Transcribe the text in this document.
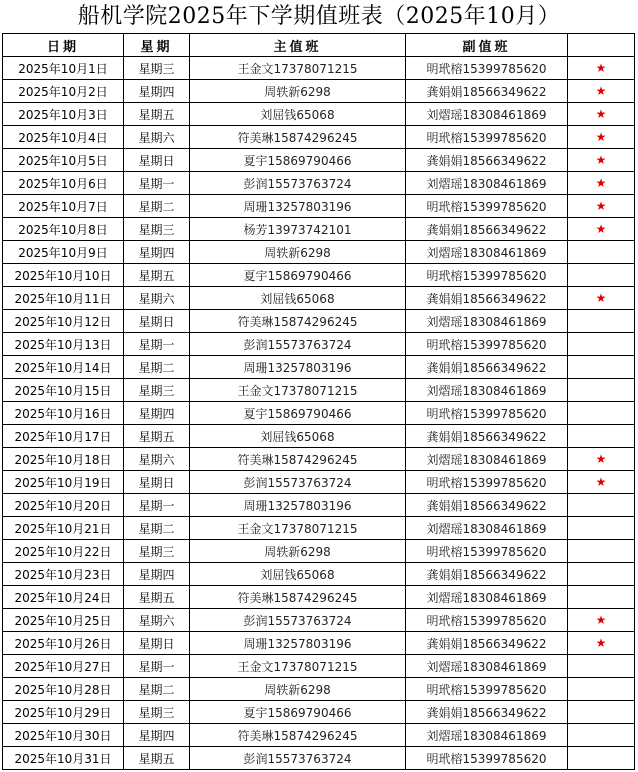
船机学院2025年下学期值班表（2025年10月）
日期	星期	主值班	副值班	
2025年10月1日	星期三	王金文17378071215	明玳榕15399785620	★
2025年10月2日	星期四	周轶新6298	龚娟娟18566349622	★
2025年10月3日	星期五	刘屈钱65068	刘熠瑶18308461869	★
2025年10月4日	星期六	符美琳15874296245	明玳榕15399785620	★
2025年10月5日	星期日	夏宇15869790466	龚娟娟18566349622	★
2025年10月6日	星期一	彭润15573763724	刘熠瑶18308461869	★
2025年10月7日	星期二	周珊13257803196	明玳榕15399785620	★
2025年10月8日	星期三	杨芳13973742101	龚娟娟18566349622	★
2025年10月9日	星期四	周轶新6298	刘熠瑶18308461869	
2025年10月10日	星期五	夏宇15869790466	明玳榕15399785620	
2025年10月11日	星期六	刘屈钱65068	龚娟娟18566349622	★
2025年10月12日	星期日	符美琳15874296245	刘熠瑶18308461869	
2025年10月13日	星期一	彭润15573763724	明玳榕15399785620	
2025年10月14日	星期二	周珊13257803196	龚娟娟18566349622	
2025年10月15日	星期三	王金文17378071215	刘熠瑶18308461869	
2025年10月16日	星期四	夏宇15869790466	明玳榕15399785620	
2025年10月17日	星期五	刘屈钱65068	龚娟娟18566349622	
2025年10月18日	星期六	符美琳15874296245	刘熠瑶18308461869	★
2025年10月19日	星期日	彭润15573763724	明玳榕15399785620	★
2025年10月20日	星期一	周珊13257803196	龚娟娟18566349622	
2025年10月21日	星期二	王金文17378071215	刘熠瑶18308461869	
2025年10月22日	星期三	周轶新6298	明玳榕15399785620	
2025年10月23日	星期四	刘屈钱65068	龚娟娟18566349622	
2025年10月24日	星期五	符美琳15874296245	刘熠瑶18308461869	
2025年10月25日	星期六	彭润15573763724	明玳榕15399785620	★
2025年10月26日	星期日	周珊13257803196	龚娟娟18566349622	★
2025年10月27日	星期一	王金文17378071215	刘熠瑶18308461869	
2025年10月28日	星期二	周轶新6298	明玳榕15399785620	
2025年10月29日	星期三	夏宇15869790466	龚娟娟18566349622	
2025年10月30日	星期四	符美琳15874296245	刘熠瑶18308461869	
2025年10月31日	星期五	彭润15573763724	明玳榕15399785620	
